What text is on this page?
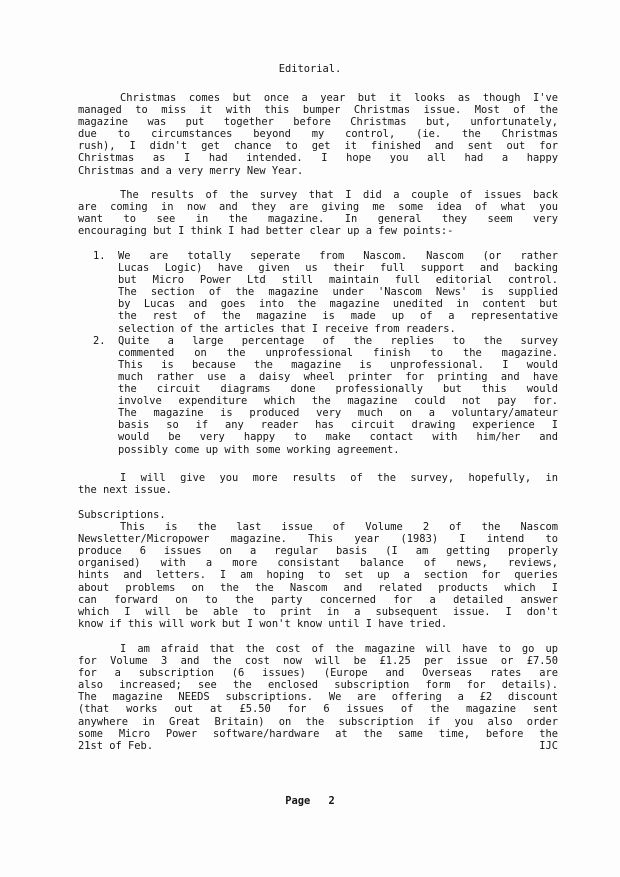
Editorial.
Christmas comes but once a year but it looks as though I've
managed to miss it with this bumper Christmas issue. Most of the
magazine was put together before Christmas but, unfortunately,
due to circumstances beyond my control, (ie. the Christmas
rush), I didn't get chance to get it finished and sent out for
Christmas as I had intended. I hope you all had a happy
Christmas and a very merry New Year.
The results of the survey that I did a couple of issues back
are coming in now and they are giving me some idea of what you
want to see in the magazine. In general they seem very
encouraging but I think I had better clear up a few points:-
1. We are totally seperate from Nascom. Nascom (or rather
Lucas Logic) have given us their full support and backing
but Micro Power Ltd still maintain full editorial control.
The section of the magazine under 'Nascom News' is supplied
by Lucas and goes into the magazine unedited in content but
the rest of the magazine is made up of a representative
selection of the articles that I receive from readers.
2. Quite a large percentage of the replies to the survey
commented on the unprofessional finish to the magazine.
This is because the magazine is unprofessional. I would
much rather use a daisy wheel printer for printing and have
the circuit diagrams done professionally but this would
involve expenditure which the magazine could not pay for.
The magazine is produced very much on a voluntary/amateur
basis so if any reader has circuit drawing experience I
would be very happy to make contact with him/her and
possibly come up with some working agreement.
I will give you more results of the survey, hopefully, in
the next issue.
Subscriptions.
This is the last issue of Volume 2 of the Nascom
Newsletter/Micropower magazine. This year (1983) I intend to
produce 6 issues on a regular basis (I am getting properly
organised) with a more consistant balance of news, reviews,
hints and letters. I am hoping to set up a section for queries
about problems on the the Nascom and related products which I
can forward on to the party concerned for a detailed answer
which I will be able to print in a subsequent issue. I don't
know if this will work but I won't know until I have tried.
I am afraid that the cost of the magazine will have to go up
for Volume 3 and the cost now will be £1.25 per issue or £7.50
for a subscription (6 issues) (Europe and Overseas rates are
also increased; see the enclosed subscription form for details).
The magazine NEEDS subscriptions. We are offering a £2 discount
(that works out at £5.50 for 6 issues of the magazine sent
anywhere in Great Britain) on the subscription if you also order
some Micro Power software/hardware at the same time, before the
21st of Feb.	IJC
Page 2
